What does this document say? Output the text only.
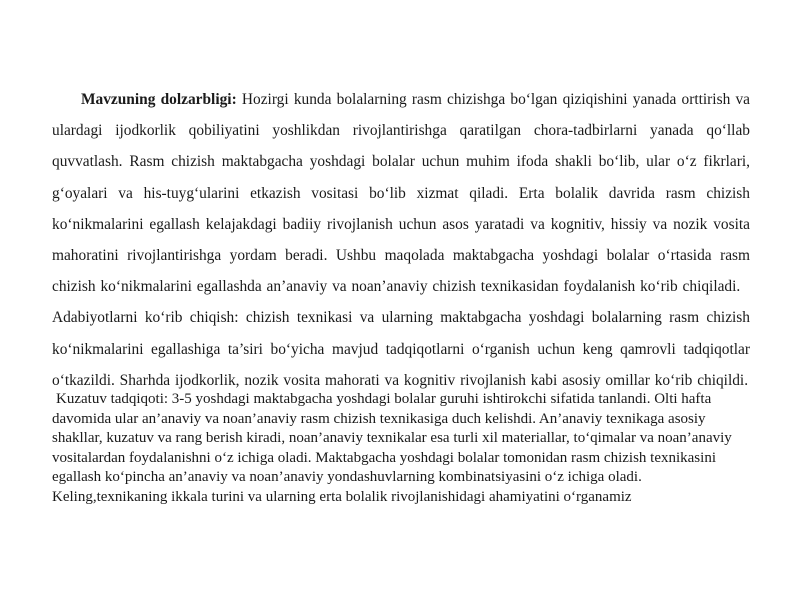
Mavzuning dolzarbligi: Hozirgi kunda bolalarning rasm chizishga bo‘lgan qiziqishini yanada orttirish va ulardagi ijodkorlik qobiliyatini yoshlikdan rivojlantirishga qaratilgan chora-tadbirlarni yanada qo‘llab quvvatlash. Rasm chizish maktabgacha yoshdagi bolalar uchun muhim ifoda shakli bo‘lib, ular o‘z fikrlari, g‘oyalari va his-tuyg‘ularini etkazish vositasi bo‘lib xizmat qiladi. Erta bolalik davrida rasm chizish ko‘nikmalarini egallash kelajakdagi badiiy rivojlanish uchun asos yaratadi va kognitiv, hissiy va nozik vosita mahoratini rivojlantirishga yordam beradi. Ushbu maqolada maktabgacha yoshdagi bolalar o‘rtasida rasm chizish ko‘nikmalarini egallashda an’anaviy va noan’anaviy chizish texnikasidan foydalanish ko‘rib chiqiladi.

Adabiyotlarni ko‘rib chiqish: chizish texnikasi va ularning maktabgacha yoshdagi bolalarning rasm chizish ko‘nikmalarini egallashiga ta’siri bo‘yicha mavjud tadqiqotlarni o‘rganish uchun keng qamrovli tadqiqotlar o‘tkazildi. Sharhda ijodkorlik, nozik vosita mahorati va kognitiv rivojlanish kabi asosiy omillar ko‘rib chiqildi.

Kuzatuv tadqiqoti: 3-5 yoshdagi maktabgacha yoshdagi bolalar guruhi ishtirokchi sifatida tanlandi. Olti hafta davomida ular an’anaviy va noan’anaviy rasm chizish texnikasiga duch kelishdi. An’anaviy texnikaga asosiy shakllar, kuzatuv va rang berish kiradi, noan’anaviy texnikalar esa turli xil materiallar, to‘qimalar va noan’anaviy vositalardan foydalanishni o‘z ichiga oladi. Maktabgacha yoshdagi bolalar tomonidan rasm chizish texnikasini egallash ko‘pincha an’anaviy va noan’anaviy yondashuvlarning kombinatsiyasini o‘z ichiga oladi. Keling,texnikaning ikkala turini va ularning erta bolalik rivojlanishidagi ahamiyatini o‘rganamiz
